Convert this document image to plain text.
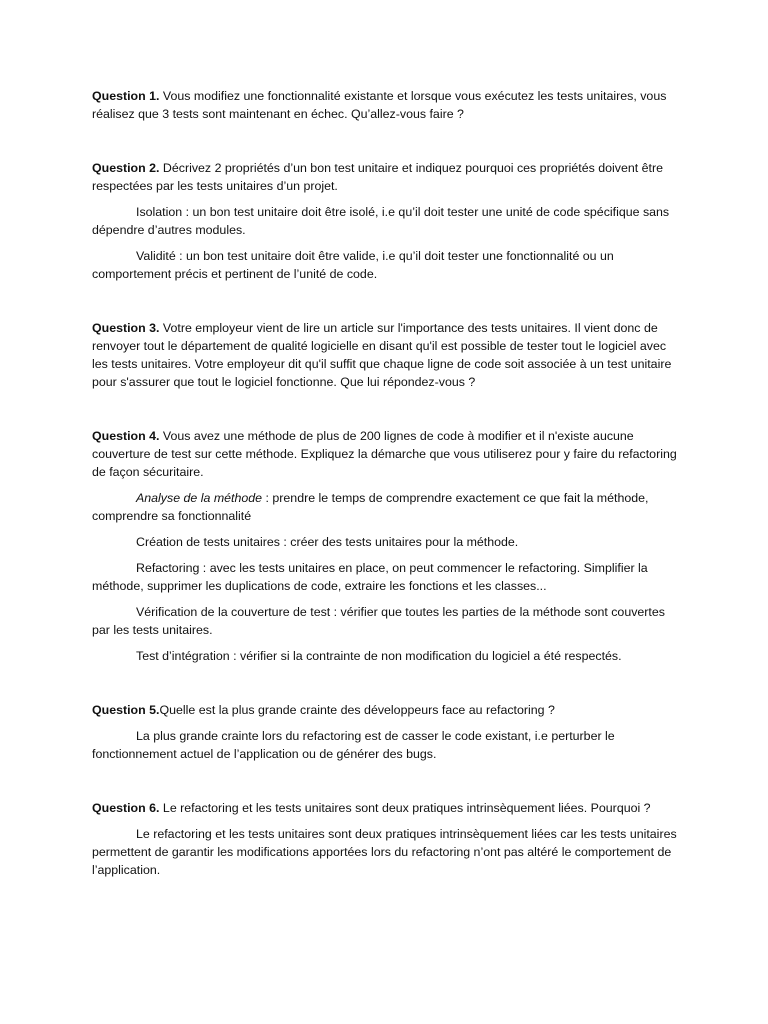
Question 1. Vous modifiez une fonctionnalité existante et lorsque vous exécutez les tests unitaires, vous réalisez que 3 tests sont maintenant en échec. Qu’allez-vous faire ?

Question 2. Décrivez 2 propriétés d’un bon test unitaire et indiquez pourquoi ces propriétés doivent être respectées par les tests unitaires d’un projet.

Isolation : un bon test unitaire doit être isolé, i.e qu’il doit tester une unité de code spécifique sans dépendre d’autres modules.

Validité : un bon test unitaire doit être valide, i.e qu’il doit tester une fonctionnalité ou un comportement précis et pertinent de l’unité de code.

Question 3. Votre employeur vient de lire un article sur l'importance des tests unitaires. Il vient donc de renvoyer tout le département de qualité logicielle en disant qu'il est possible de tester tout le logiciel avec les tests unitaires. Votre employeur dit qu'il suffit que chaque ligne de code soit associée à un test unitaire pour s'assurer que tout le logiciel fonctionne. Que lui répondez-vous ?

Question 4. Vous avez une méthode de plus de 200 lignes de code à modifier et il n'existe aucune couverture de test sur cette méthode. Expliquez la démarche que vous utiliserez pour y faire du refactoring de façon sécuritaire.

Analyse de la méthode : prendre le temps de comprendre exactement ce que fait la méthode, comprendre sa fonctionnalité

Création de tests unitaires : créer des tests unitaires pour la méthode.

Refactoring : avec les tests unitaires en place, on peut commencer le refactoring. Simplifier la méthode, supprimer les duplications de code, extraire les fonctions et les classes...

Vérification de la couverture de test : vérifier que toutes les parties de la méthode sont couvertes par les tests unitaires.

Test d’intégration : vérifier si la contrainte de non modification du logiciel a été respectés.

Question 5.Quelle est la plus grande crainte des développeurs face au refactoring ?

La plus grande crainte lors du refactoring est de casser le code existant, i.e perturber le fonctionnement actuel de l’application ou de générer des bugs.

Question 6. Le refactoring et les tests unitaires sont deux pratiques intrinsèquement liées. Pourquoi ?

Le refactoring et les tests unitaires sont deux pratiques intrinsèquement liées car les tests unitaires permettent de garantir les modifications apportées lors du refactoring n’ont pas altéré le comportement de l’application.
